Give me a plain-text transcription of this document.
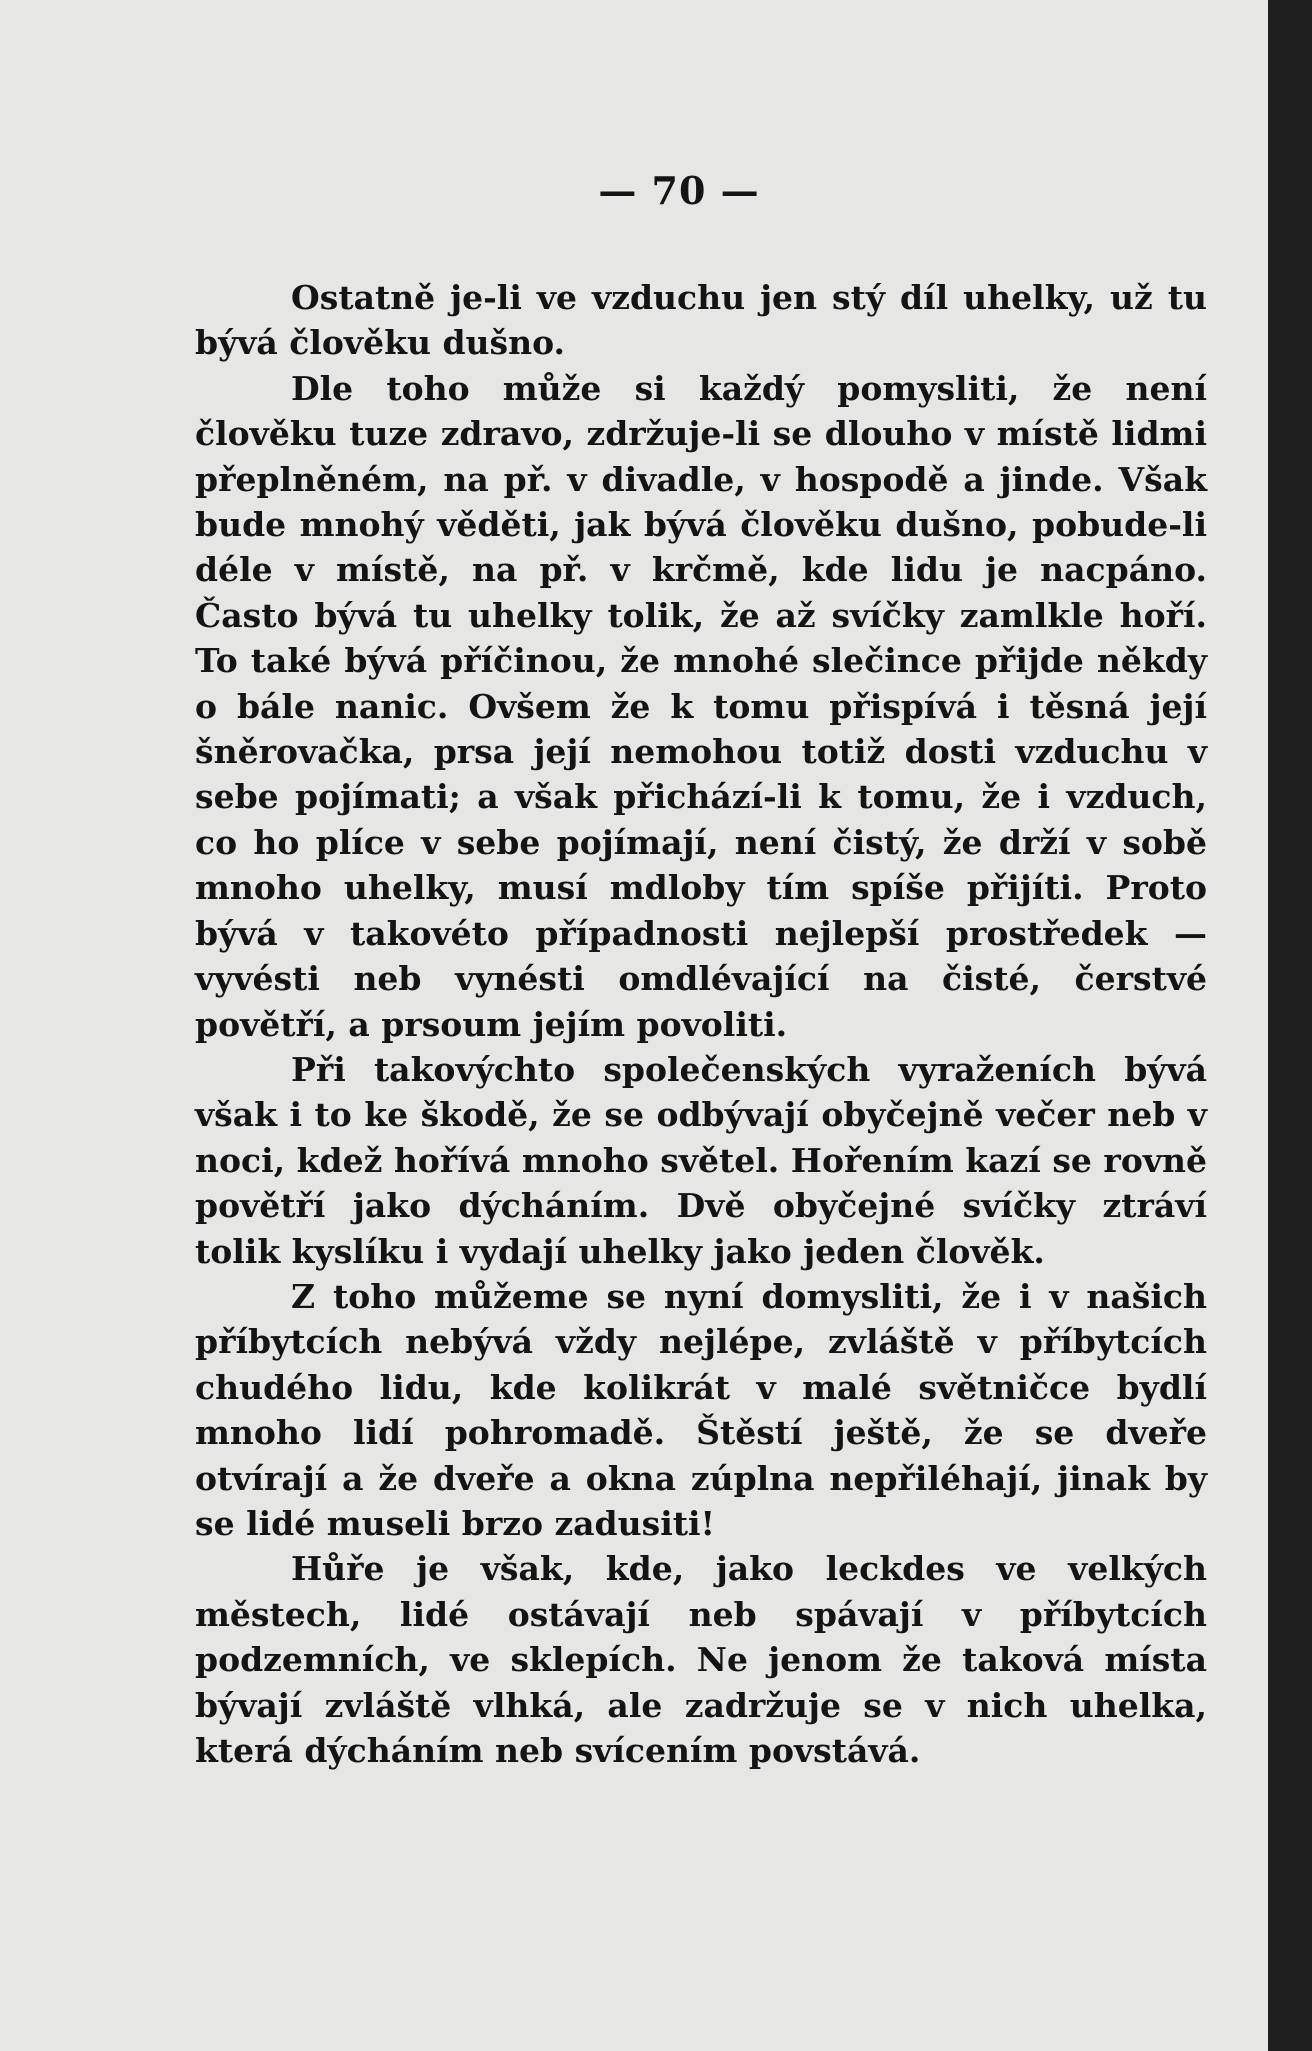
— 70 —

Ostatně je-li ve vzduchu jen stý díl uhelky, už tu bývá člověku dušno.

Dle toho může si každý pomysliti, že není člověku tuze zdravo, zdržuje-li se dlouho v místě lidmi přeplněném, na př. v divadle, v hospodě a jinde. Však bude mnohý věděti, jak bývá člověku dušno, pobude-li déle v místě, na př. v krčmě, kde lidu je nacpáno. Často bývá tu uhelky tolik, že až svíčky zamlkle hoří. To také bývá příčinou, že mnohé slečince přijde někdy o bále nanic. Ovšem že k tomu přispívá i těsná její šněrovačka, prsa její nemohou totiž dosti vzduchu v sebe pojímati; a však přichází-li k tomu, že i vzduch, co ho plíce v sebe pojímají, není čistý, že drží v sobě mnoho uhelky, musí mdloby tím spíše přijíti. Proto bývá v takovéto případnosti nejlepší prostředek — vyvésti neb vynésti omdlévající na čisté, čerstvé povětří, a prsoum jejím povoliti.

Při takovýchto společenských vyraženích bývá však i to ke škodě, že se odbývají obyčejně večer neb v noci, kdež hořívá mnoho světel. Hořením kazí se rovně povětří jako dýcháním. Dvě obyčejné svíčky ztráví tolik kyslíku i vydají uhelky jako jeden člověk.

Z toho můžeme se nyní domysliti, že i v našich příbytcích nebývá vždy nejlépe, zvláště v příbytcích chudého lidu, kde kolikrát v malé světničce bydlí mnoho lidí pohromadě. Štěstí ještě, že se dveře otvírají a že dveře a okna zúplna nepřiléhají, jinak by se lidé museli brzo zadusiti!

Hůře je však, kde, jako leckdes ve velkých městech, lidé ostávají neb spávají v příbytcích podzemních, ve sklepích. Ne jenom že taková místa bývají zvláště vlhká, ale zadržuje se v nich uhelka, která dýcháním neb svícením povstává.
